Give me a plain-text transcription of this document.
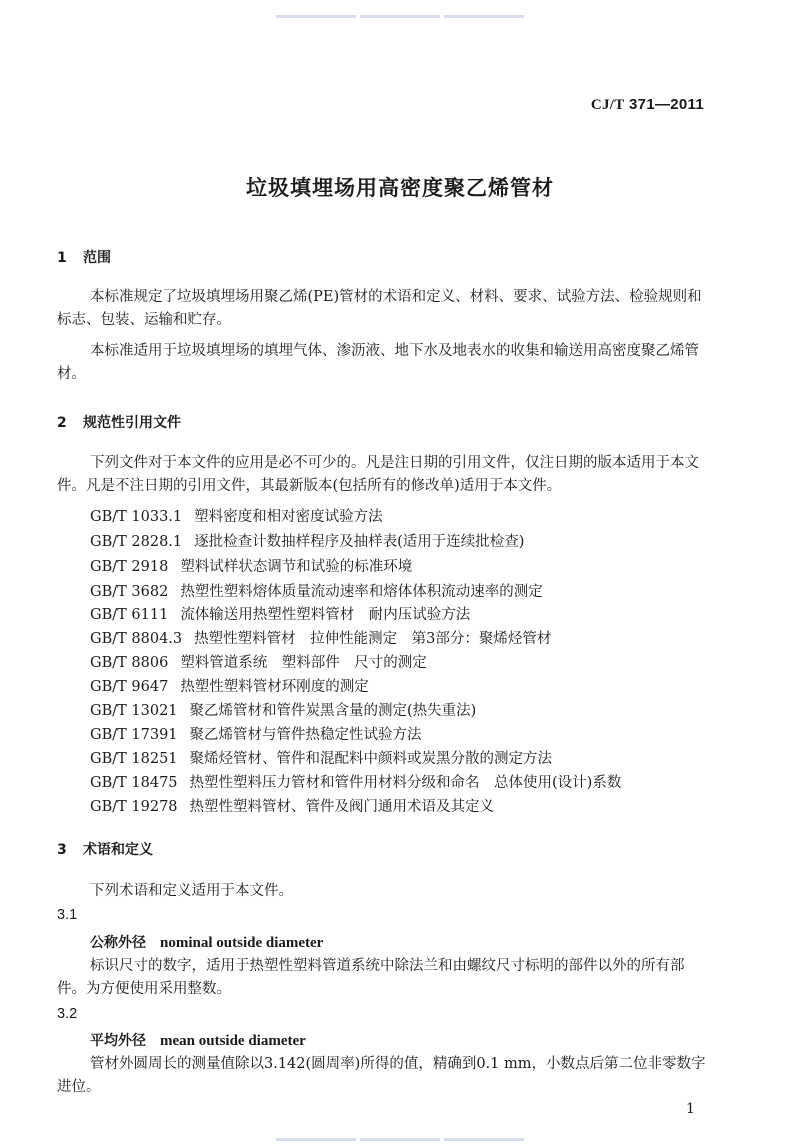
CJ/T 371—2011
垃圾填埋场用高密度聚乙烯管材
1 范围
本标准规定了垃圾填埋场用聚乙烯(PE)管材的术语和定义、材料、要求、试验方法、检验规则和标志、包装、运输和贮存。
本标准适用于垃圾填埋场的填埋气体、渗沥液、地下水及地表水的收集和输送用高密度聚乙烯管材。
2 规范性引用文件
下列文件对于本文件的应用是必不可少的。凡是注日期的引用文件，仅注日期的版本适用于本文件。凡是不注日期的引用文件，其最新版本(包括所有的修改单)适用于本文件。
GB/T 1033.1 塑料密度和相对密度试验方法
GB/T 2828.1 逐批检查计数抽样程序及抽样表(适用于连续批检查)
GB/T 2918 塑料试样状态调节和试验的标准环境
GB/T 3682 热塑性塑料熔体质量流动速率和熔体体积流动速率的测定
GB/T 6111 流体输送用热塑性塑料管材　耐内压试验方法
GB/T 8804.3 热塑性塑料管材　拉伸性能测定　第3部分：聚烯烃管材
GB/T 8806 塑料管道系统　塑料部件　尺寸的测定
GB/T 9647 热塑性塑料管材环刚度的测定
GB/T 13021 聚乙烯管材和管件炭黑含量的测定(热失重法)
GB/T 17391 聚乙烯管材与管件热稳定性试验方法
GB/T 18251 聚烯烃管材、管件和混配料中颜料或炭黑分散的测定方法
GB/T 18475 热塑性塑料压力管材和管件用材料分级和命名　总体使用(设计)系数
GB/T 19278 热塑性塑料管材、管件及阀门通用术语及其定义
3 术语和定义
下列术语和定义适用于本文件。
3.1
公称外径 nominal outside diameter
标识尺寸的数字，适用于热塑性塑料管道系统中除法兰和由螺纹尺寸标明的部件以外的所有部件。为方便使用采用整数。
3.2
平均外径 mean outside diameter
管材外圆周长的测量值除以3.142(圆周率)所得的值，精确到0.1 mm，小数点后第二位非零数字进位。
1
